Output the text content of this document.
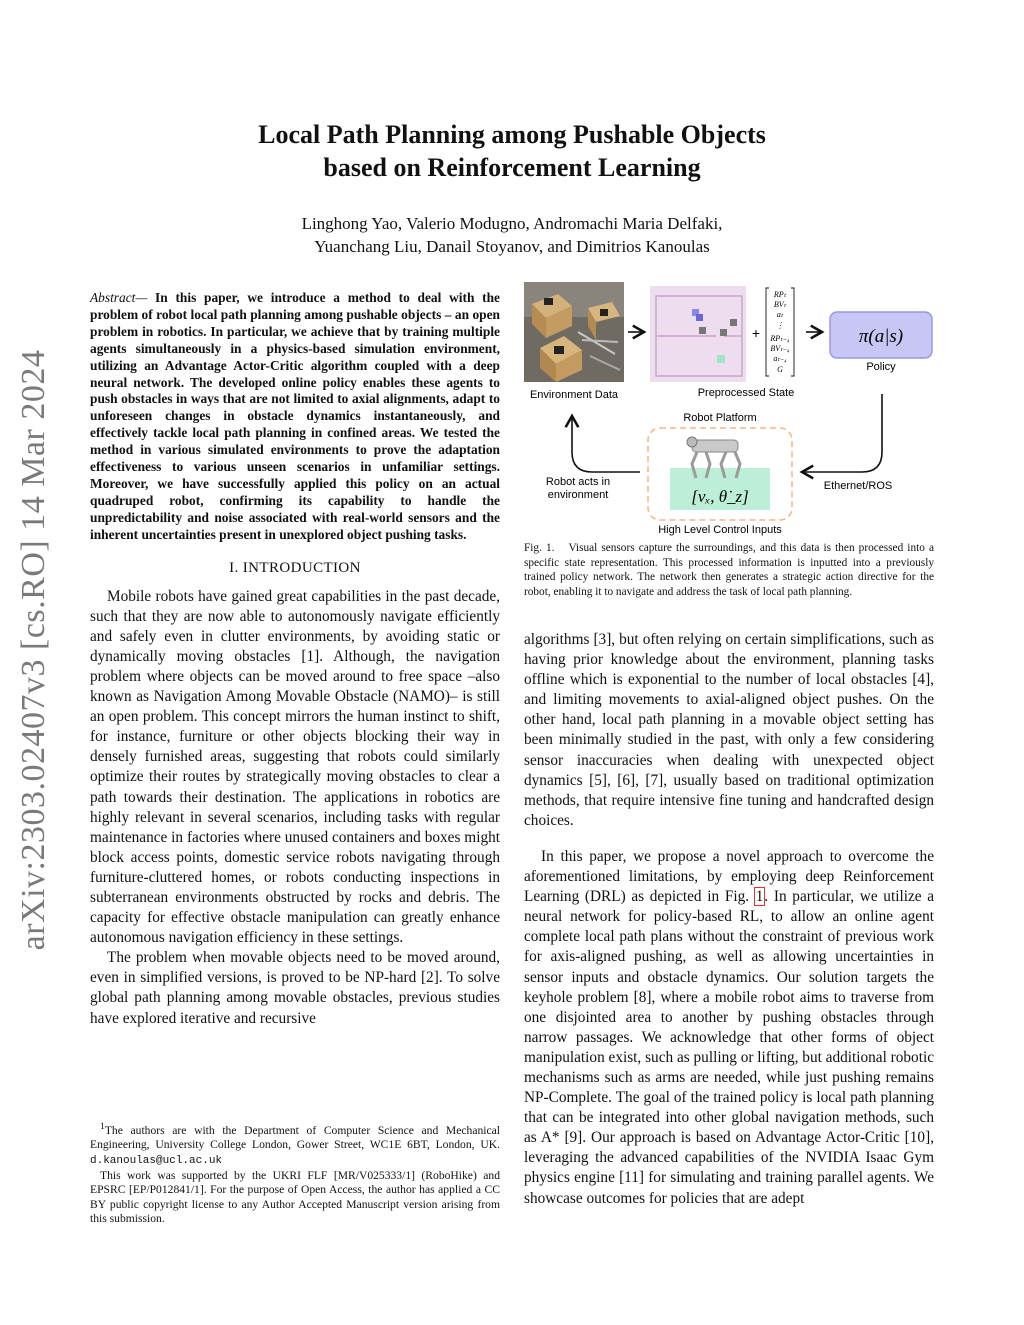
arXiv:2303.02407v3 [cs.RO] 14 Mar 2024
Local Path Planning among Pushable Objects
based on Reinforcement Learning
Linghong Yao, Valerio Modugno, Andromachi Maria Delfaki,
Yuanchang Liu, Danail Stoyanov, and Dimitrios Kanoulas

Abstract— In this paper, we introduce a method to deal with the problem of robot local path planning among pushable objects – an open problem in robotics. In particular, we achieve that by training multiple agents simultaneously in a physics-based simulation environment, utilizing an Advantage Actor-Critic algorithm coupled with a deep neural network. The developed online policy enables these agents to push obstacles in ways that are not limited to axial alignments, adapt to unforeseen changes in obstacle dynamics instantaneously, and effectively tackle local path planning in confined areas. We tested the method in various simulated environments to prove the adaptation effectiveness to various unseen scenarios in unfamiliar settings. Moreover, we have successfully applied this policy on an actual quadruped robot, confirming its capability to handle the unpredictability and noise associated with real-world sensors and the inherent uncertainties present in unexplored object pushing tasks.

I. INTRODUCTION

Mobile robots have gained great capabilities in the past decade, such that they are now able to autonomously navigate efficiently and safely even in clutter environments, by avoiding static or dynamically moving obstacles [1]. Although, the navigation problem where objects can be moved around to free space –also known as Navigation Among Movable Obstacle (NAMO)– is still an open problem. This concept mirrors the human instinct to shift, for instance, furniture or other objects blocking their way in densely furnished areas, suggesting that robots could similarly optimize their routes by strategically moving obstacles to clear a path towards their destination. The applications in robotics are highly relevant in several scenarios, including tasks with regular maintenance in factories where unused containers and boxes might block access points, domestic service robots navigating through furniture-cluttered homes, or robots conducting inspections in subterranean environments obstructed by rocks and debris. The capacity for effective obstacle manipulation can greatly enhance autonomous navigation efficiency in these settings.

The problem when movable objects need to be moved around, even in simplified versions, is proved to be NP-hard [2]. To solve global path planning among movable obstacles, previous studies have explored iterative and recursive

$^1$The authors are with the Department of Computer Science and Mechanical Engineering, University College London, Gower Street, WC1E 6BT, London, UK. d.kanoulas@ucl.ac.uk

This work was supported by the UKRI FLF [MR/V025333/1] (RoboHike) and EPSRC [EP/P012841/1]. For the purpose of Open Access, the author has applied a CC BY public copyright license to any Author Accepted Manuscript version arising from this submission.

Environment Data	Preprocessed State
+
RPₜ
BVₜ
aₜ
⋮
RPₜ₋₄
BVₜ₋₄
aₜ₋₄
G
π(a|s)
Policy
Ethernet/ROS
Robot Platform
[vₓ, θ̇_z]
High Level Control Inputs
Robot acts in
environment

Fig. 1. Visual sensors capture the surroundings, and this data is then processed into a specific state representation. This processed information is inputted into a previously trained policy network. The network then generates a strategic action directive for the robot, enabling it to navigate and address the task of local path planning.

algorithms [3], but often relying on certain simplifications, such as having prior knowledge about the environment, planning tasks offline which is exponential to the number of local obstacles [4], and limiting movements to axial-aligned object pushes. On the other hand, local path planning in a movable object setting has been minimally studied in the past, with only a few considering sensor inaccuracies when dealing with unexpected object dynamics [5], [6], [7], usually based on traditional optimization methods, that require intensive fine tuning and handcrafted design choices.

In this paper, we propose a novel approach to overcome the aforementioned limitations, by employing deep Reinforcement Learning (DRL) as depicted in Fig. 1. In particular, we utilize a neural network for policy-based RL, to allow an online agent complete local path plans without the constraint of previous work for axis-aligned pushing, as well as allowing uncertainties in sensor inputs and obstacle dynamics. Our solution targets the keyhole problem [8], where a mobile robot aims to traverse from one disjointed area to another by pushing obstacles through narrow passages. We acknowledge that other forms of object manipulation exist, such as pulling or lifting, but additional robotic mechanisms such as arms are needed, while just pushing remains NP-Complete. The goal of the trained policy is local path planning that can be integrated into other global navigation methods, such as A* [9]. Our approach is based on Advantage Actor-Critic [10], leveraging the advanced capabilities of the NVIDIA Isaac Gym physics engine [11] for simulating and training parallel agents. We showcase outcomes for policies that are adept
